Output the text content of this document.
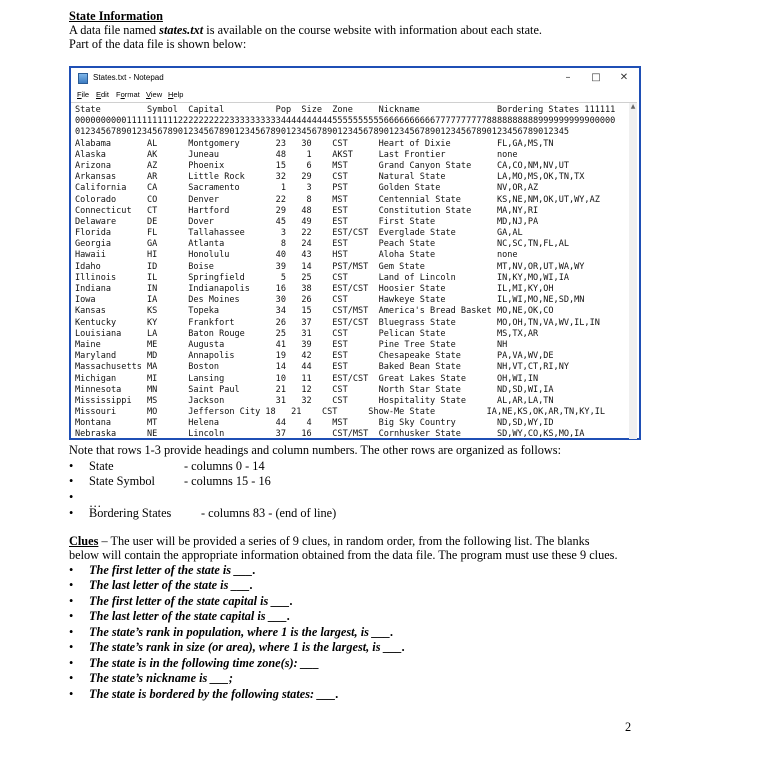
State Information
A data file named states.txt is available on the course website with information about each state.
Part of the data file is shown below:
States.txt - Notepad	–	□	✕
File Edit Format View Help
State         Symbol  Capital          Pop  Size  Zone     Nickname               Bordering States 111111
000000000011111111112222222222333333333344444444445555555555666666666677777777778888888888999999999900000
012345678901234567890123456789012345678901234567890123456789012345678901234567890123456789012345
Alabama       AL      Montgomery       23   30    CST      Heart of Dixie         FL,GA,MS,TN
Alaska        AK      Juneau           48    1    AKST     Last Frontier          none
Arizona       AZ      Phoenix          15    6    MST      Grand Canyon State     CA,CO,NM,NV,UT
Arkansas      AR      Little Rock      32   29    CST      Natural State          LA,MO,MS,OK,TN,TX
California    CA      Sacramento        1    3    PST      Golden State           NV,OR,AZ
Colorado      CO      Denver           22    8    MST      Centennial State       KS,NE,NM,OK,UT,WY,AZ
Connecticut   CT      Hartford         29   48    EST      Constitution State     MA,NY,RI
Delaware      DE      Dover            45   49    EST      First State            MD,NJ,PA
Florida       FL      Tallahassee       3   22    EST/CST  Everglade State        GA,AL
Georgia       GA      Atlanta           8   24    EST      Peach State            NC,SC,TN,FL,AL
Hawaii        HI      Honolulu         40   43    HST      Aloha State            none
Idaho         ID      Boise            39   14    PST/MST  Gem State              MT,NV,OR,UT,WA,WY
Illinois      IL      Springfield       5   25    CST      Land of Lincoln        IN,KY,MO,WI,IA
Indiana       IN      Indianapolis     16   38    EST/CST  Hoosier State          IL,MI,KY,OH
Iowa          IA      Des Moines       30   26    CST      Hawkeye State          IL,WI,MO,NE,SD,MN
Kansas        KS      Topeka           34   15    CST/MST  America's Bread Basket MO,NE,OK,CO
Kentucky      KY      Frankfort        26   37    EST/CST  Bluegrass State        MO,OH,TN,VA,WV,IL,IN
Louisiana     LA      Baton Rouge      25   31    CST      Pelican State          MS,TX,AR
Maine         ME      Augusta          41   39    EST      Pine Tree State        NH
Maryland      MD      Annapolis        19   42    EST      Chesapeake State       PA,VA,WV,DE
Massachusetts MA      Boston           14   44    EST      Baked Bean State       NH,VT,CT,RI,NY
Michigan      MI      Lansing          10   11    EST/CST  Great Lakes State      OH,WI,IN
Minnesota     MN      Saint Paul       21   12    CST      North Star State       ND,SD,WI,IA
Mississippi   MS      Jackson          31   32    CST      Hospitality State      AL,AR,LA,TN
Missouri      MO      Jefferson City 18   21    CST      Show-Me State          IA,NE,KS,OK,AR,TN,KY,IL
Montana       MT      Helena           44    4    MST      Big Sky Country        ND,SD,WY,ID
Nebraska      NE      Lincoln          37   16    CST/MST  Cornhusker State       SD,WY,CO,KS,MO,IA
▲
Note that rows 1-3 provide headings and column numbers. The other rows are organized as follows:
•	State	- columns 0 - 14
•	State Symbol - columns 15 - 16
•	…
•	Bordering States - columns 83 - (end of line)
Clues – The user will be provided a series of 9 clues, in random order, from the following list. The blanks
below will contain the appropriate information obtained from the data file. The program must use these 9 clues.
•	The first letter of the state is ___.
•	The last letter of the state is ___.
•	The first letter of the state capital is ___.
•	The last letter of the state capital is ___.
•	The state’s rank in population, where 1 is the largest, is ___.
•	The state’s rank in size (or area), where 1 is the largest, is ___.
•	The state is in the following time zone(s): ___
•	The state’s nickname is ___;
•	The state is bordered by the following states: ___.
2
